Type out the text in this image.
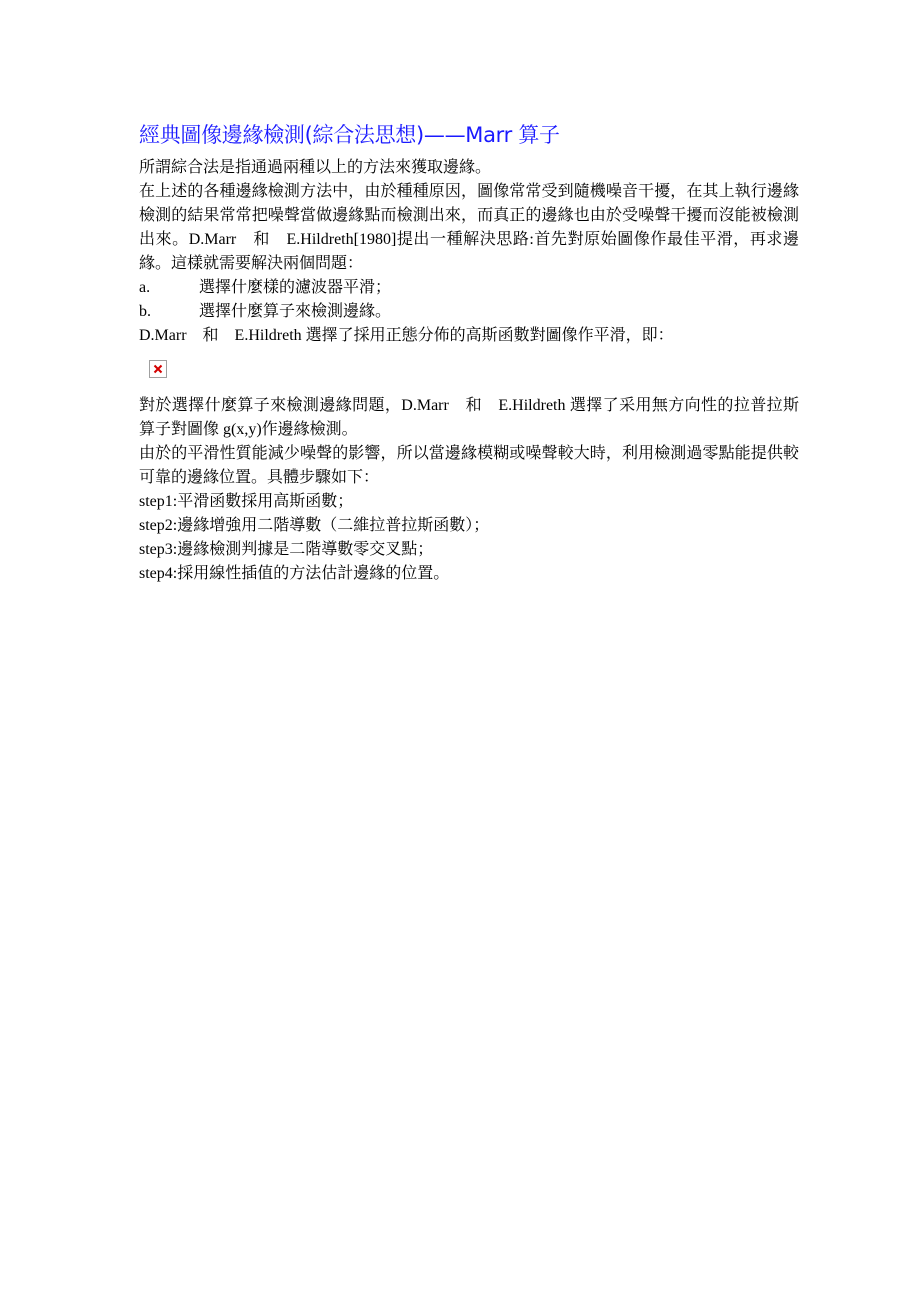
經典圖像邊緣檢測(綜合法思想)——Marr 算子

所謂綜合法是指通過兩種以上的方法來獲取邊緣。

在上述的各種邊緣檢測方法中，由於種種原因，圖像常常受到隨機噪音干擾，在其上執行邊緣檢測的結果常常把噪聲當做邊緣點而檢測出來，而真正的邊緣也由於受噪聲干擾而沒能被檢測出來。D.Marr　和　E.Hildreth[1980]提出一種解決思路:首先對原始圖像作最佳平滑，再求邊緣。這樣就需要解決兩個問題：

a.	選擇什麼樣的濾波器平滑；
b.	選擇什麼算子來檢測邊緣。

D.Marr　和　E.Hildreth 選擇了採用正態分佈的高斯函數對圖像作平滑，即：

對於選擇什麼算子來檢測邊緣問題，D.Marr　和　E.Hildreth 選擇了采用無方向性的拉普拉斯算子對圖像 g(x,y)作邊緣檢測。

由於的平滑性質能減少噪聲的影響，所以當邊緣模糊或噪聲較大時，利用檢測過零點能提供較可靠的邊緣位置。具體步驟如下：

step1:平滑函數採用高斯函數；

step2:邊緣增強用二階導數（二維拉普拉斯函數）；

step3:邊緣檢測判據是二階導數零交叉點；

step4:採用線性插值的方法估計邊緣的位置。
